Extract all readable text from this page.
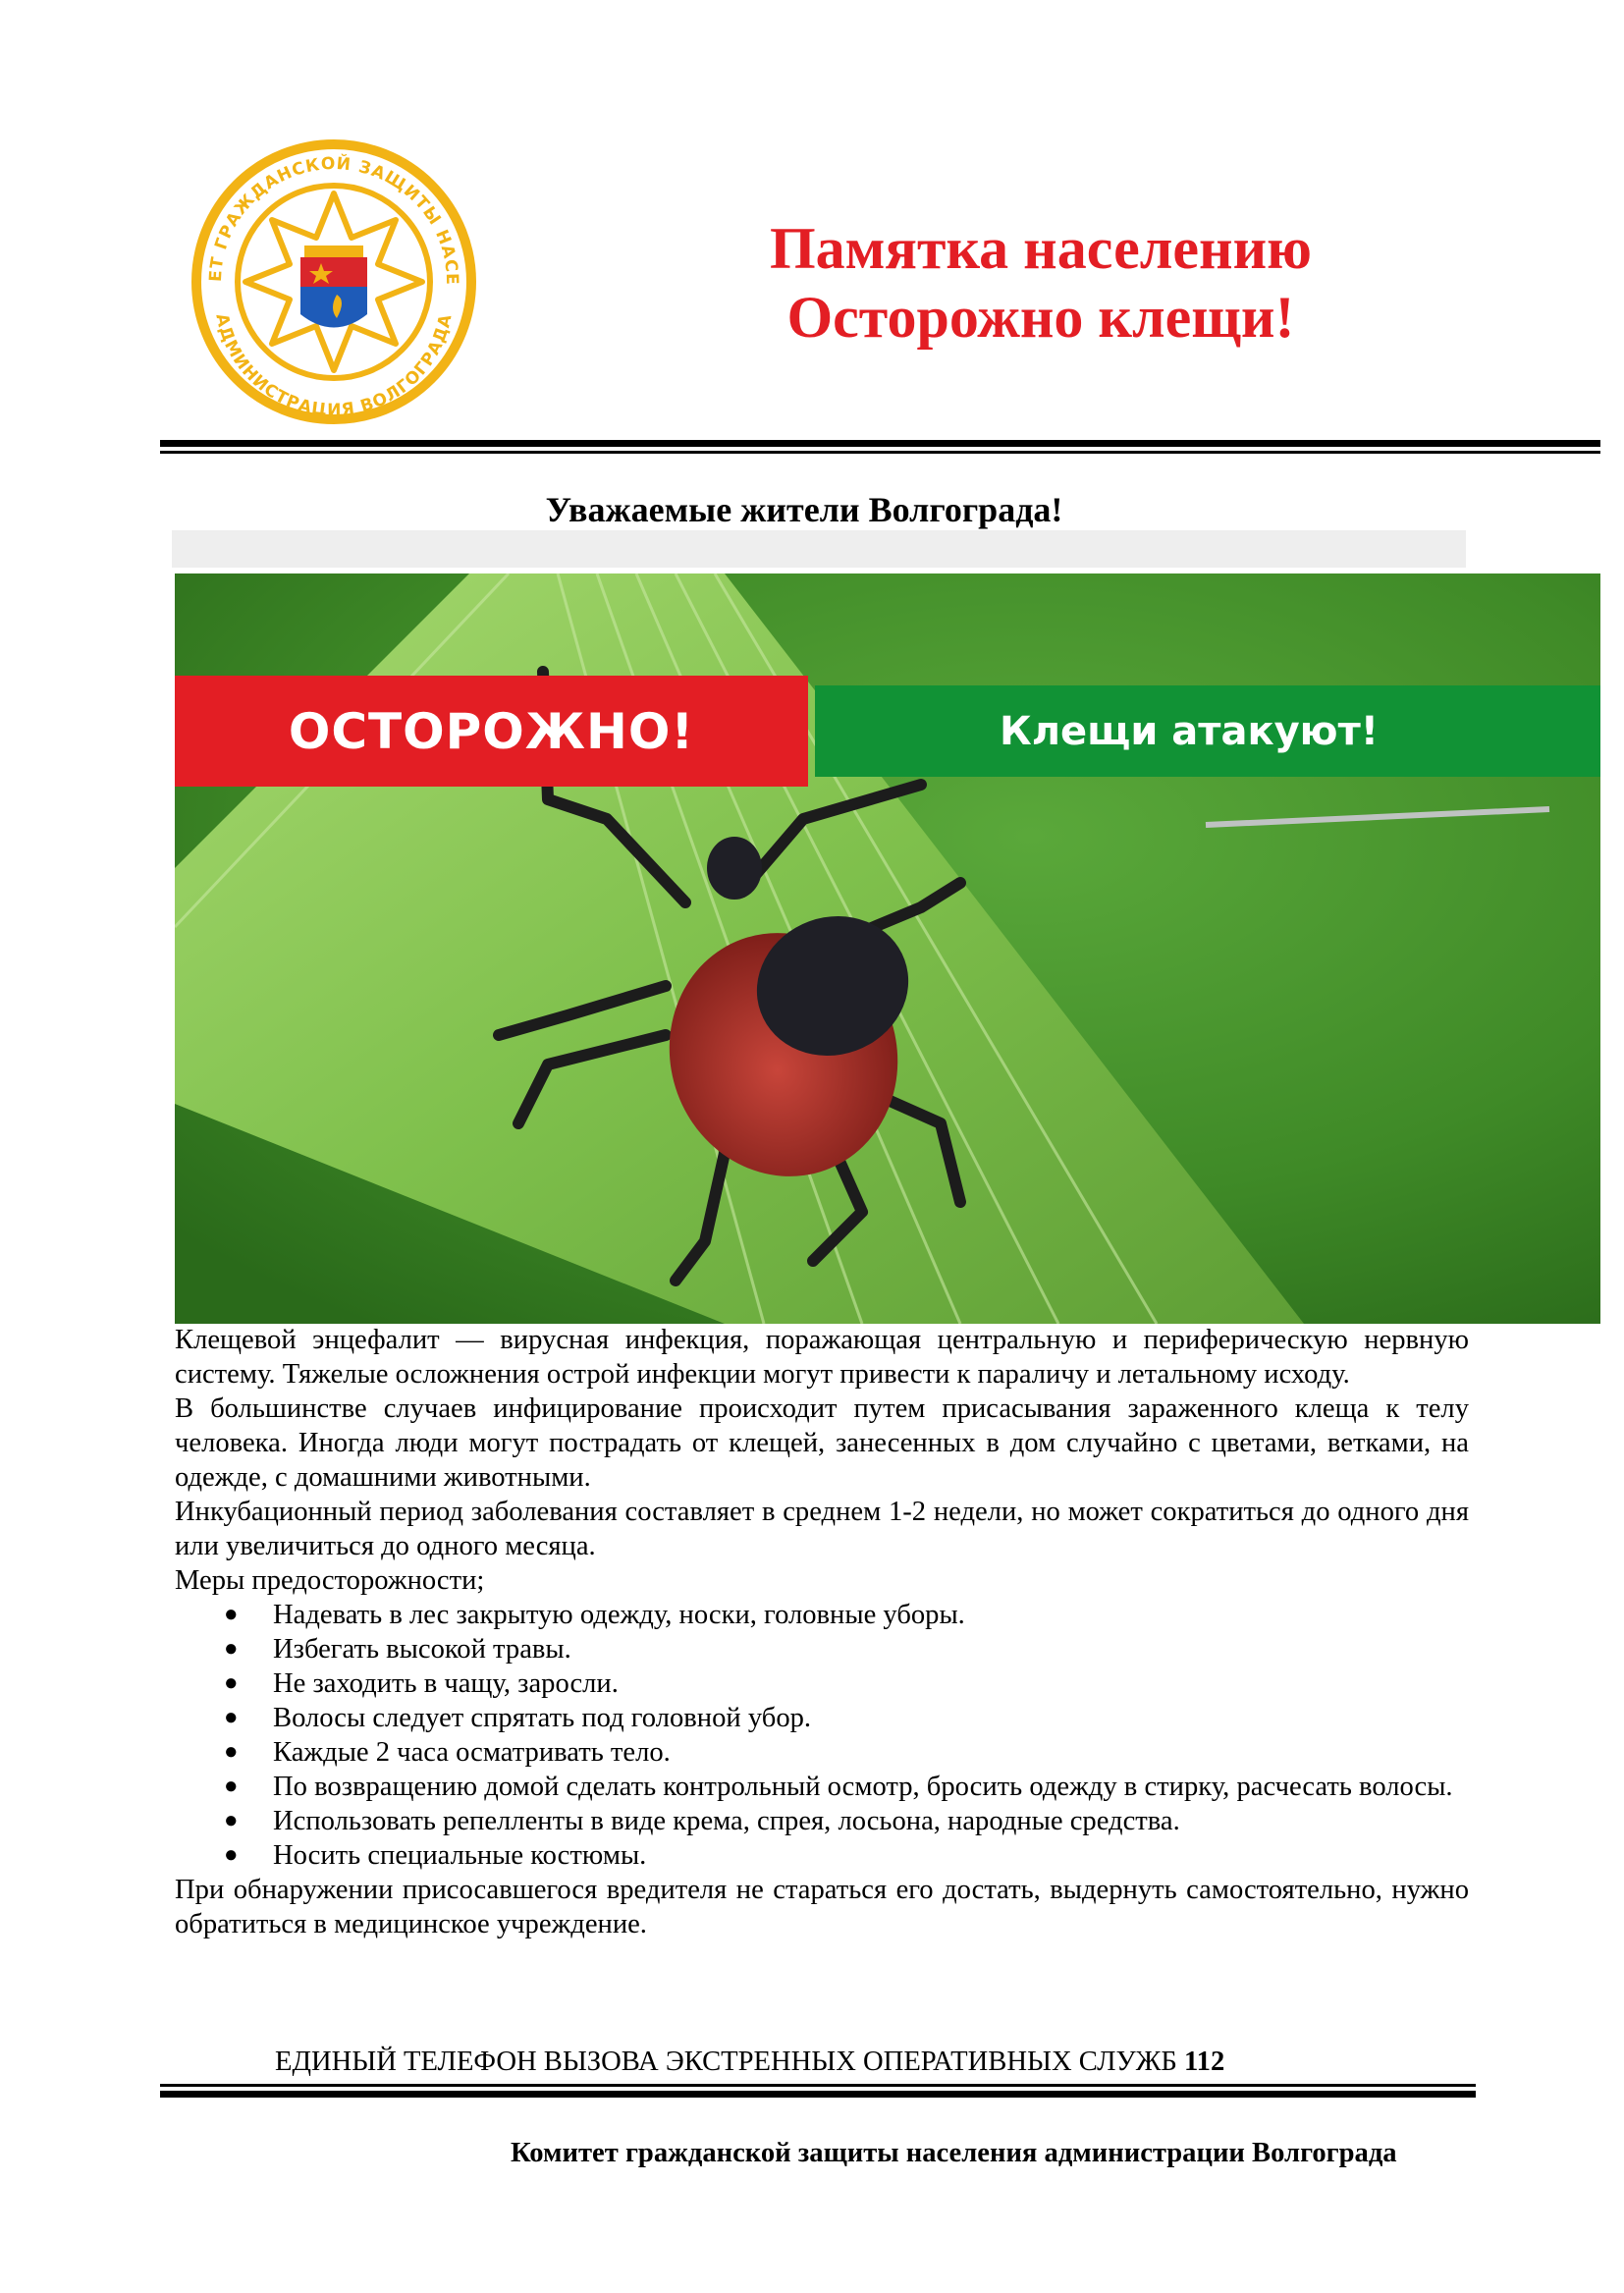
ЕТ ГРАЖДАНСКОЙ ЗАЩИТЫ НАСЕ
АДМИНИСТРАЦИЯ ВОЛГОГРАДА
Памятка населению
Осторожно клещи!
Уважаемые жители Волгограда!
ОСТОРОЖНО!	Клещи атакуют!

Клещевой энцефалит — вирусная инфекция, поражающая центральную и периферическую нервную систему. Тяжелые осложнения острой инфекции могут привести к параличу и летальному исходу.

В большинстве случаев инфицирование происходит путем присасывания зараженного клеща к телу человека. Иногда люди могут пострадать от клещей, занесенных в дом случайно с цветами, ветками, на одежде, с домашними животными.

Инкубационный период заболевания составляет в среднем 1-2 недели, но может сократиться до одного дня или увеличиться до одного месяца.

Меры предосторожности;

● Надевать в лес закрытую одежду, носки, головные уборы.
● Избегать высокой травы.
● Не заходить в чащу, заросли.
● Волосы следует спрятать под головной убор.
● Каждые 2 часа осматривать тело.
● По возвращению домой сделать контрольный осмотр, бросить одежду в стирку, расчесать волосы.
● Использовать репелленты в виде крема, спрея, лосьона, народные средства.
● Носить специальные костюмы.

При обнаружении присосавшегося вредителя не стараться его достать, выдернуть самостоятельно, нужно обратиться в медицинское учреждение.

ЕДИНЫЙ ТЕЛЕФОН ВЫЗОВА ЭКСТРЕННЫХ ОПЕРАТИВНЫХ СЛУЖБ 112
Комитет гражданской защиты населения администрации Волгограда
